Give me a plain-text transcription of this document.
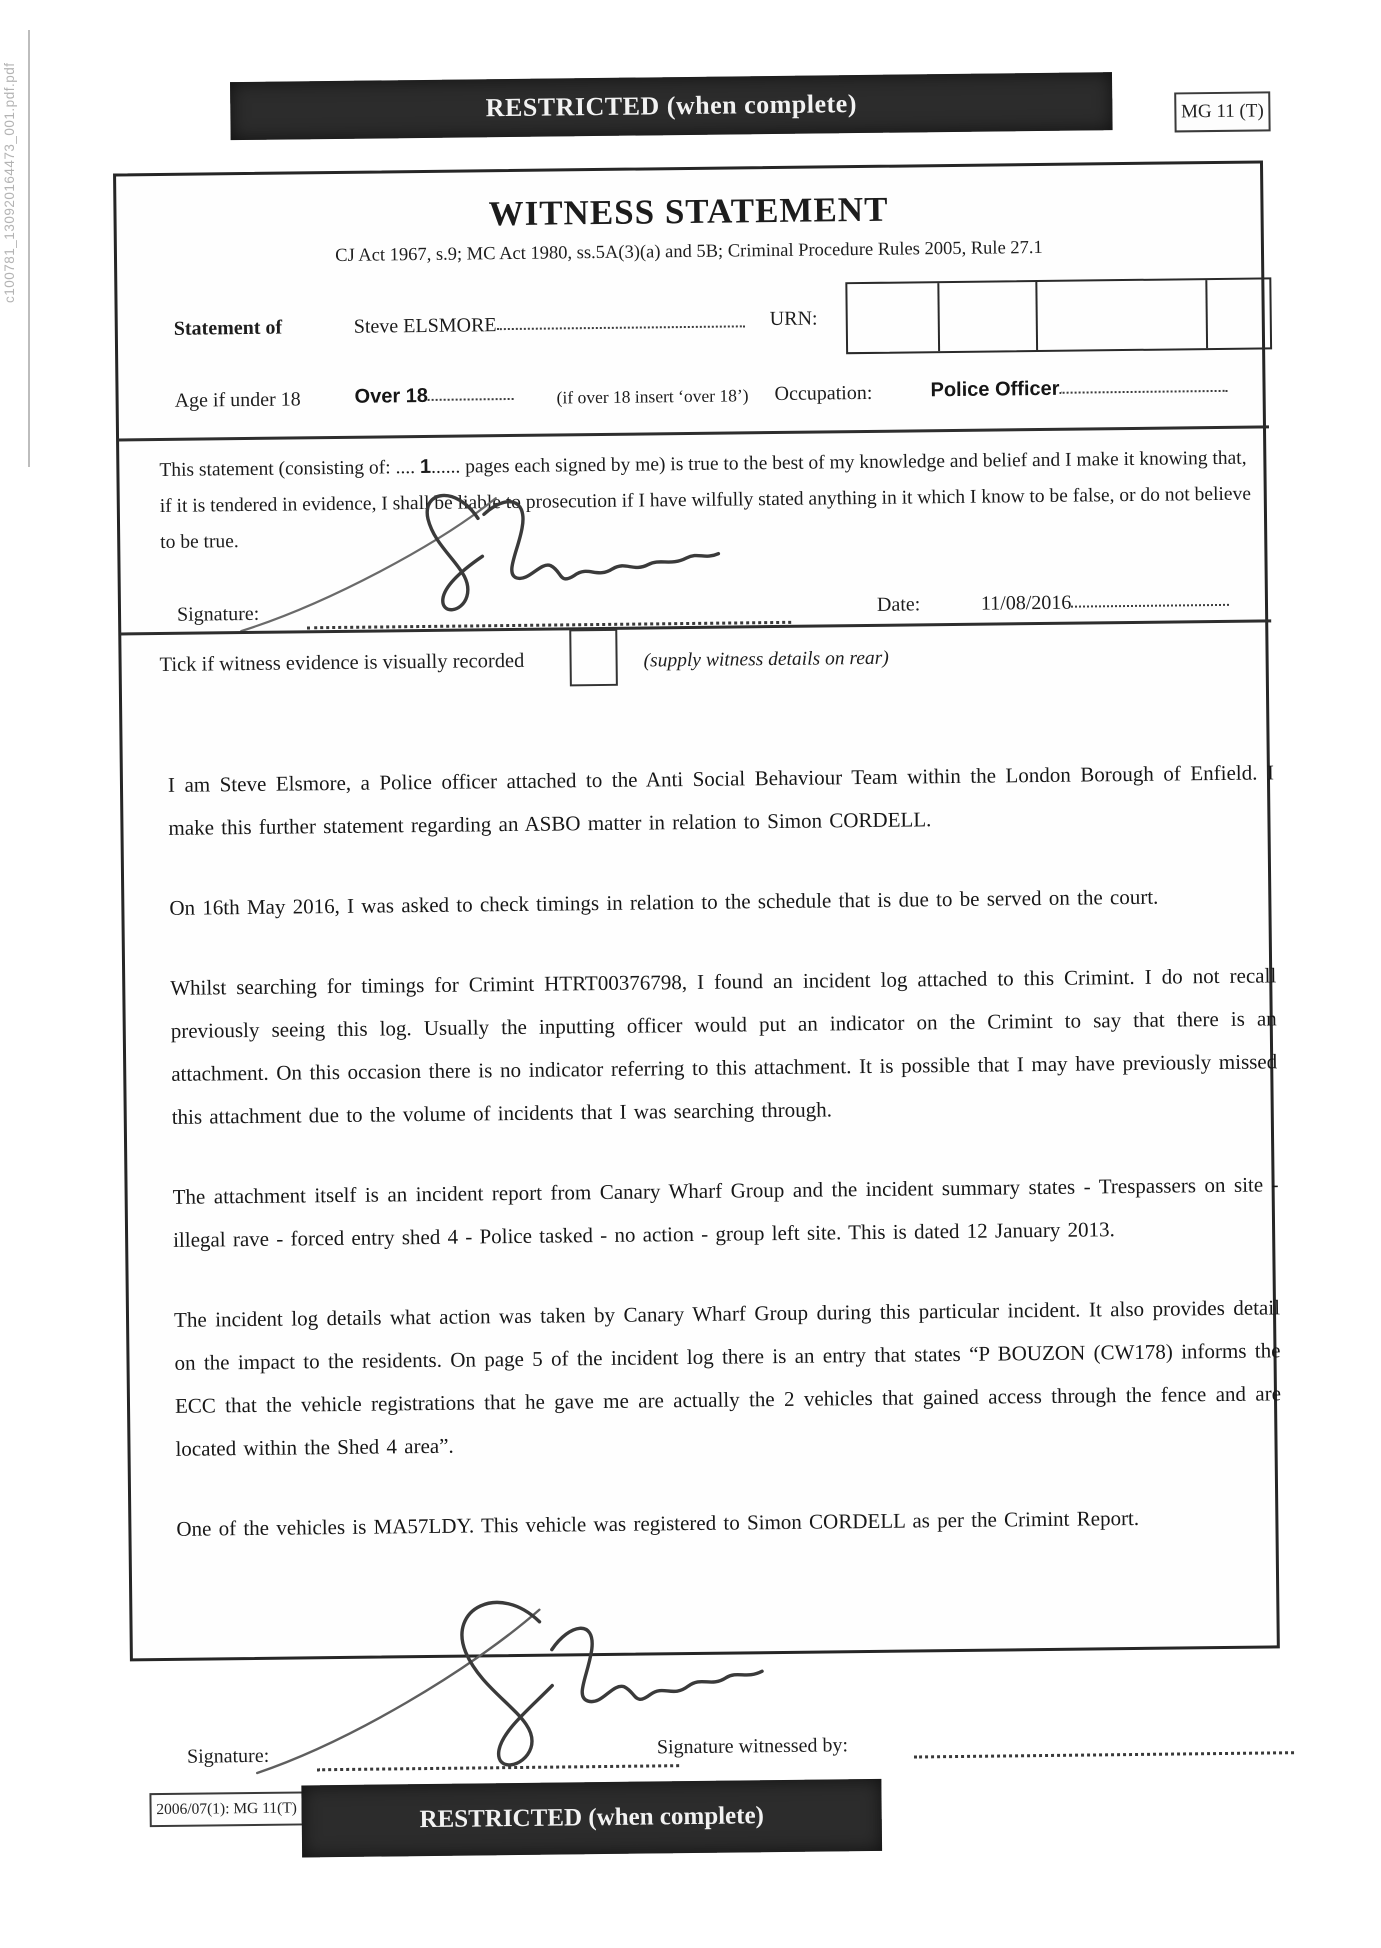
c100781_130920164473_001.pdf.pdf	RESTRICTED (when complete)	MG 11 (T)
WITNESS STATEMENT
CJ Act 1967, s.9; MC Act 1980, ss.5A(3)(a) and 5B; Criminal Procedure Rules 2005, Rule 27.1
Statement of	Steve ELSMORE	URN:
Age if under 18	Over 18	(if over 18 insert ‘over 18’) Occupation:	Police Officer
This statement (consisting of: .... 1...... pages each signed by me) is true to the best of my knowledge and belief and I make it knowing that, if it is tendered in evidence, I shall be liable to prosecution if I have wilfully stated anything in it which I know to be false, or do not believe to be true.
Signature:	Date:	11/08/2016
Tick if witness evidence is visually recorded	(supply witness details on rear)

I am Steve Elsmore, a Police officer attached to the Anti Social Behaviour Team within the London Borough of Enfield. I make this further statement regarding an ASBO matter in relation to Simon CORDELL.

On 16th May 2016, I was asked to check timings in relation to the schedule that is due to be served on the court.

Whilst searching for timings for Crimint HTRT00376798, I found an incident log attached to this Crimint. I do not recall previously seeing this log. Usually the inputting officer would put an indicator on the Crimint to say that there is an attachment. On this occasion there is no indicator referring to this attachment. It is possible that I may have previously missed this attachment due to the volume of incidents that I was searching through.

The attachment itself is an incident report from Canary Wharf Group and the incident summary states - Trespassers on site - illegal rave - forced entry shed 4 - Police tasked - no action - group left site. This is dated 12 January 2013.

The incident log details what action was taken by Canary Wharf Group during this particular incident. It also provides detail on the impact to the residents. On page 5 of the incident log there is an entry that states “P BOUZON (CW178) informs the ECC that the vehicle registrations that he gave me are actually the 2 vehicles that gained access through the fence and are located within the Shed 4 area”.

One of the vehicles is MA57LDY. This vehicle was registered to Simon CORDELL as per the Crimint Report.

Signature:	Signature witnessed by:
2006/07(1): MG 11(T)	RESTRICTED (when complete)
